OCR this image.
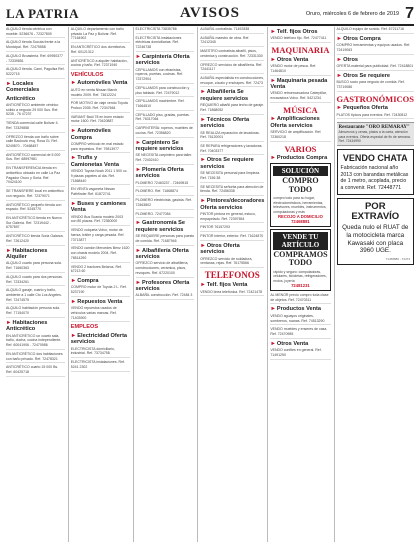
LA PATRIA	AVISOS	Oruro, miércoles 6 de febrero de 2019 7
ALQUILO tienda céntrica con mueble. 5236676 - 72327809
ALQUILO tienda Sucuta frente a la Municipal. Ref. 72475558
ALQUILO Broasteria. Ref. 69950377 - 72339851
ALQUILO tienda. Cami, Paguilsa Ref. 5222715
►Locales Comerciales
Anticrético
ANTICRÉTICO ambiente céntrico sólido a negocio 29 000 Sus. Ref. 5235 - 76 47237
TIENDA comercial calle Bolívar 4. Ref. 72329858
OFREZCO tienda con baño sobre calle Backovic esq. Rosa Gi. Ref. 5249870 - 70468457
ANTICRÉTICO comercial de 5 000 Sus. Ref. 68997981
EN TRANSFERENCIA tienda en anticrético ubicado en calle La Paz Pagador Oruro y Soria. Ref. 70424100
SE TRANSFIERE local en anticrético con negocio. Ref. 72379071
ANTICRÉTICO pequeño tienda con espacio. Ref. 5245770
EN ANTICRÉTICO tienda en Nuevo Sur Galería. Ref. 72319442 - 6757897
ANTICRÉTICO tienda Soria Galarza. Ref. 72612420
►Habitaciones Alquiler
ALQUILO cuarto para persona sola. Ref. 71660363
ALQUILO cuarto para dos personas. Ref. 72334261
ALQUILO garaje, cuarto y baño, ambiente a 1 calle Cto Los Angeles. Ref. 72474575
ALQUILO habitación persona sola. Ref. 77154070
►Habitaciones Anticrético
EN ANTICRÉTICO un cuarto sala, baño, ducha, cocina independiente. Ref. 60041906 - 72470986
EN ANTICRÉTICO dos habitaciones con baño privado. Ref. 72478321
ANTICRÉTICO cuarto 15 000 Bs. Ref. 60425718
ALQUILO departamento con baño privado La Paz y Bolívar. Ref. 77164902
EN ANTICRÉTICO dos dormitorios. Ref. 60121312
ANTICRÉTICO a alquiler habitación, cocina y baño. Ref. 72371940
VEHÍCULOS
►Automóviles Venta
AUTO en venta Nissan March modelo 2009. Ref. 73612224
POR MOTIVO de viaje vendo Toyota Probox 2005. Ref. 72347664
VARIANT Baúl 78 en buen estado motor 1600. Ref. 70420887
►Automóviles Compra
COMPRO vehículo en mal estado para repuestos. Ref. 79813977
►Trufis y Camionetas Venta
VENDO Toyota Noah 2011 1 500 cc. 9 plazas papeles al día. Ref. 71868440
EN VENTA vagoneta Nissan Pathfinder Ref. 61872741
►Buses y camiones Venta
VENDO Bus Scania modelo 2003 con 80 plazas. Ref. 72350000
VENDO volqueta Volvo, motor de fuerza, tráiler y carga pesada. Ref. 73713877
VENDO camión Mercedes Benz 1620 con chasis modelo 2004. Ref. 76514290
VENDO 2 tractores Belarus. Ref. 67213 60
►Compra
COMPRO motor de Toyota 2 L. Ref. 5237190
►Repuestos Venta
VENDO repuestos usados de vehículos varias marcas. Ref. 71403900
EMPLEOS
►Electricidad Oferta servicios
ELECTRICISTA domiciliario, industrial. Ref. 73734758
ELECTRICISTA instalaciones. Ref. 5241 2302
ELECTRICISTA 73835786
ELECTRICISTA instalaciones eléctricas domiciliarias. Ref. 72246738
►Carpintería Oferta servicios
CEPILLAMOS con ebanistas, roperos, puertas, cocinas. Ref. 72372904
CEPILLAMOS para construcción y piso tablado. Ref. 72479012
CEPILLAMOS machimbre. Ref. 71664510
CEPILLADO piso, gradas, puertas. Ref. 76317064
CARPINTERÍA: roperos, muebles de cocina. Ref. 72356820
►Carpintero Se requiere servicios
SE NECESITA carpintero para taller. Ref. 72402410
►Plomería Oferta servicios
PLOMERO 72463237 - 72469515
PLOMERO. Ref. 71668874
PLOMERO electricista, gasista. Ref. 72463802
PLOMERO. 72477084
►Gastronomía Se requiere servicios
SE REQUIERE personas para puesto de comida. Ref. 71687946
►Albañilería Oferta servicios
OFREZCO servicio de albañilería, construcciones, cerámica, pisos, revoques. Ref. 67220100
►Profesores Oferta servicios
ALBAÑIL construcción. Ref. 72484 3
ALBAÑIL contratista. 71492838
ALBAÑIL maestro de obra. Ref. 72412345
MAESTRO contratista albañil, pisos, cerámica y construcción. Ref. 72331330
OFREZCO servicios de albañilería. Ref. 72441117
ALBAÑIL especialista en construcciones, revoque, zócalo y enchapes. Ref. 72473
►Albañilería Se requiere servicios
REQUIERO albañil para techo de garaje. Ref. 71868052
►Técnicos Oferta servicios
SE REALIZA reparación de lavadoras. Ref. 76120001
SE REPARA refrigeradores y lavadoras. Ref. 70403377
►Otros Se requiere servicios
SE NECESITA personal para limpieza. Ref. 7156 38
SE NECESITA señorita para atención de tienda. Ref. 72456338
►Pintores/decoradores Oferta servicios
PINTOR pintura en general, estuco, empapelado. Ref. 72397654
PINTOR 76157293
PINTOR interior, exterior. Ref. 71624870
►Otros Oferta servicios
OFREZCO servicio de soldadura, ventanas, rejas. Ref. 76175566
TELEFONOS
►Telf. fijos Venta
VENDO línea telefónica. Ref. 72421478
►Telf. fijos Otros
VENDO teléfono fijo. Ref. 72477411
MAQUINARIA
►Otros Venta
VENDO motor de pesca. Ref. 71464810
►Maquinaria pesada Venta
VENDO retroexcavadora Caterpillar, excavadora Volvo. Ref. 5421234
MÚSICA
►Amplificaciones Oferta servicios
SERVICIO de amplificación. Ref. 72360218
VARIOS
►Productos Compra
SOLUCIÓN
COMPRO TODO
compro todo para su hogar, electrodomésticos, herramientas, televisores, muebles, instrumentos, computadoras y más
RECOJO A DOMICILIO 72468881
VENDE TU ARTÍCULO
COMPRAMOS TODO
rápido y seguro: computadoras, celulares, bicicletas, refrigeradores, motos, joyería
72481231
AL MENOR precio compro toda clase de objetos. Ref. 72470311
►Productos Venta
VENDO aguayos originales, sombreros, ruanas. Ref. 74513290
VENDO muebles y enseres de casa. Ref. 72470985
►Otros Venta
VENDO confites en general. Ref. 71491250
ALQUILO equipo de sonido. Ref. 67211716
►Otros Compra
COMPRO herramientas y equipos usados. Ref. 72419063
►Otros
OFERTA material para publicidad. Ref. 72418801
►Otros Se requiere
BUSCO socio para negocio de comida. Ref. 73719086
GASTRONÓMICOS
►Pequeños Oferta
PLATOS típicos para eventos. Ref. 72430812
Restaurante "ORO REMARAY"
Almuerzos y cenas, platos a la carta, atención para eventos. Oferta especial de fin de semana.
Ref. 72434990
VENDO CHATA
Fabricación nacional año 2013 con barandas metálicas de 1 metro, acoplada, precio a convenir. Ref. 72448771
POR EXTRAVÍO
Queda nulo el RUAT de la motocicleta marca Kawasaki con placa 3960 UGE.
71458880 - 72473
